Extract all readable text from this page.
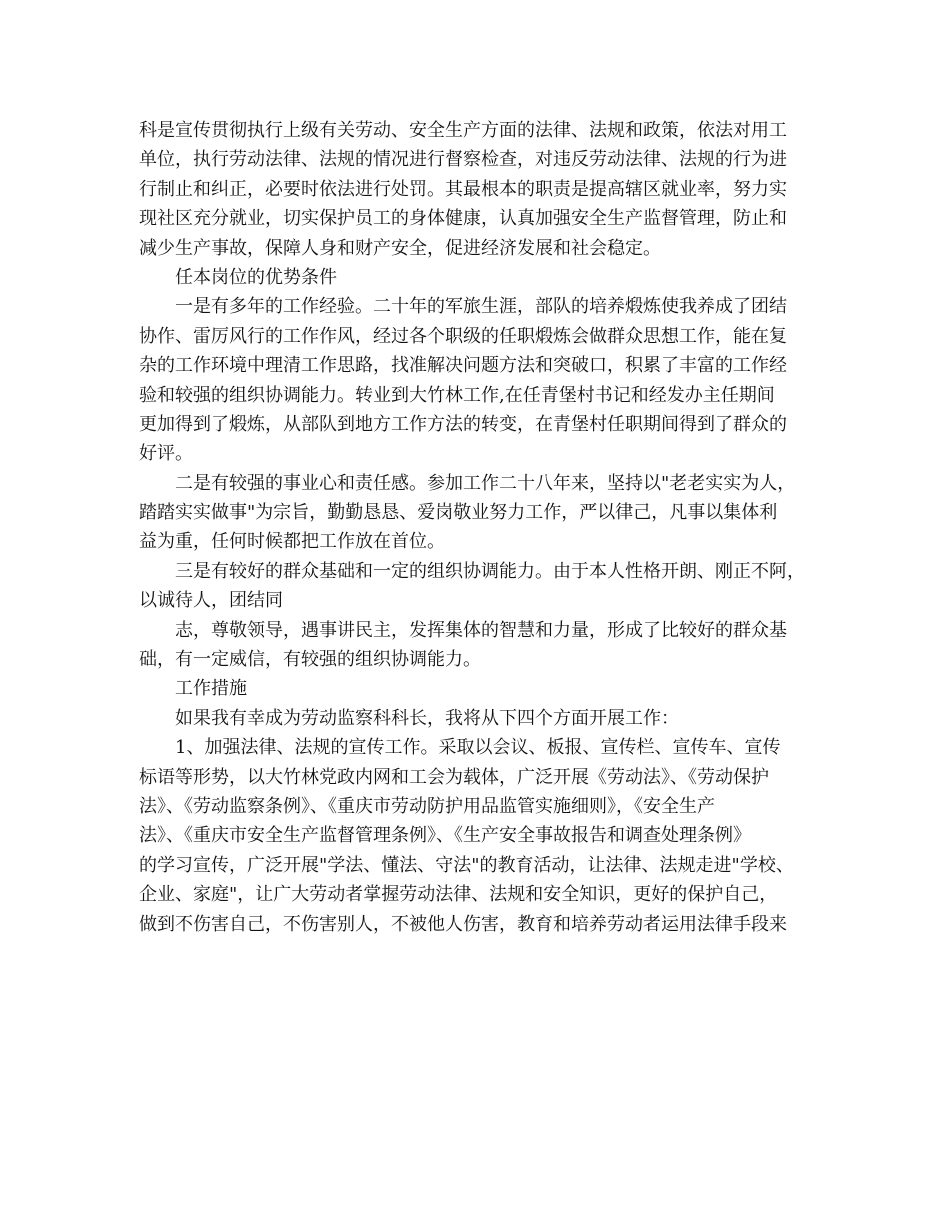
科是宣传贯彻执行上级有关劳动、安全生产方面的法律、法规和政策，依法对用工
单位，执行劳动法律、法规的情况进行督察检查，对违反劳动法律、法规的行为进
行制止和纠正，必要时依法进行处罚。其最根本的职责是提高辖区就业率，努力实
现社区充分就业，切实保护员工的身体健康，认真加强安全生产监督管理，防止和
减少生产事故，保障人身和财产安全，促进经济发展和社会稳定。
任本岗位的优势条件
一是有多年的工作经验。二十年的军旅生涯，部队的培养煅炼使我养成了团结
协作、雷厉风行的工作作风，经过各个职级的任职煅炼会做群众思想工作，能在复
杂的工作环境中理清工作思路，找准解决问题方法和突破口，积累了丰富的工作经
验和较强的组织协调能力。转业到大竹林工作,在任青堡村书记和经发办主任期间
更加得到了煅炼，从部队到地方工作方法的转变，在青堡村任职期间得到了群众的
好评。
二是有较强的事业心和责任感。参加工作二十八年来，坚持以"老老实实为人，
踏踏实实做事"为宗旨，勤勤恳恳、爱岗敬业努力工作，严以律己，凡事以集体利
益为重，任何时候都把工作放在首位。
三是有较好的群众基础和一定的组织协调能力。由于本人性格开朗、刚正不阿，
以诚待人，团结同
志，尊敬领导，遇事讲民主，发挥集体的智慧和力量，形成了比较好的群众基
础，有一定威信，有较强的组织协调能力。
工作措施
如果我有幸成为劳动监察科科长，我将从下四个方面开展工作：
1、加强法律、法规的宣传工作。采取以会议、板报、宣传栏、宣传车、宣传
标语等形势，以大竹林党政内网和工会为载体，广泛开展《劳动法》、《劳动保护
法》、《劳动监察条例》、《重庆市劳动防护用品监管实施细则》，《安全生产
法》、《重庆市安全生产监督管理条例》、《生产安全事故报告和调查处理条例》
的学习宣传，广泛开展"学法、懂法、守法"的教育活动，让法律、法规走进"学校、
企业、家庭"，让广大劳动者掌握劳动法律、法规和安全知识，更好的保护自己，
做到不伤害自己，不伤害别人，不被他人伤害，教育和培养劳动者运用法律手段来
